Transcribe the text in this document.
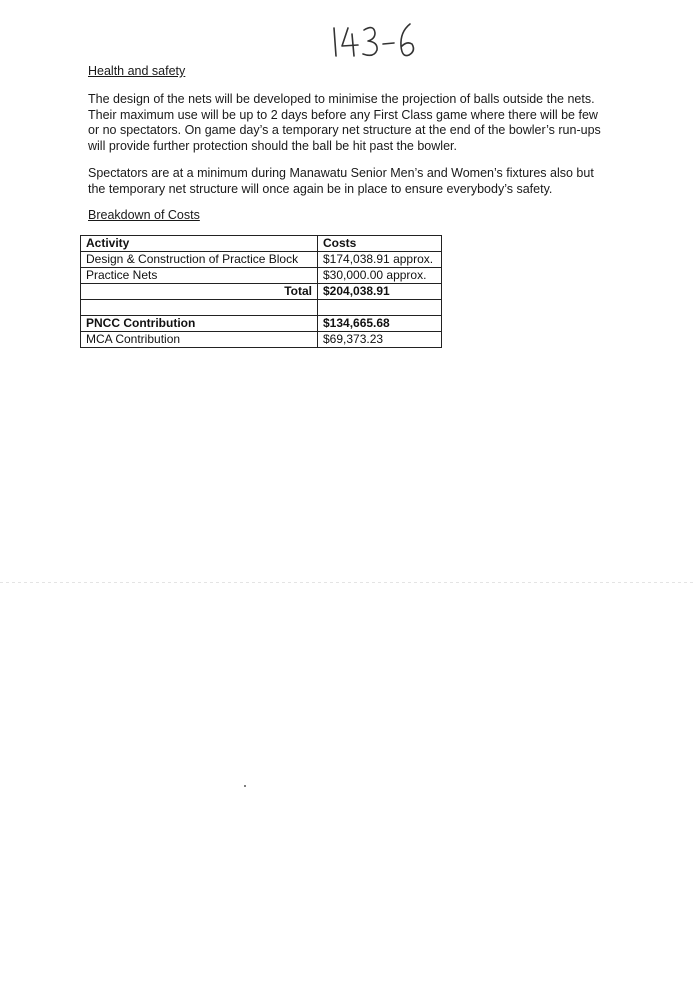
Health and safety

The design of the nets will be developed to minimise the projection of balls outside the nets. Their maximum use will be up to 2 days before any First Class game where there will be few or no spectators. On game day’s a temporary net structure at the end of the bowler’s run-ups will provide further protection should the ball be hit past the bowler.

Spectators are at a minimum during Manawatu Senior Men’s and Women’s fixtures also but the temporary net structure will once again be in place to ensure everybody’s safety.

Breakdown of Costs
Activity	Costs
Design & Construction of Practice Block	$174,038.91 approx.
Practice Nets	$30,000.00 approx.
Total	$204,038.91

PNCC Contribution	$134,665.68
MCA Contribution	$69,373.23
